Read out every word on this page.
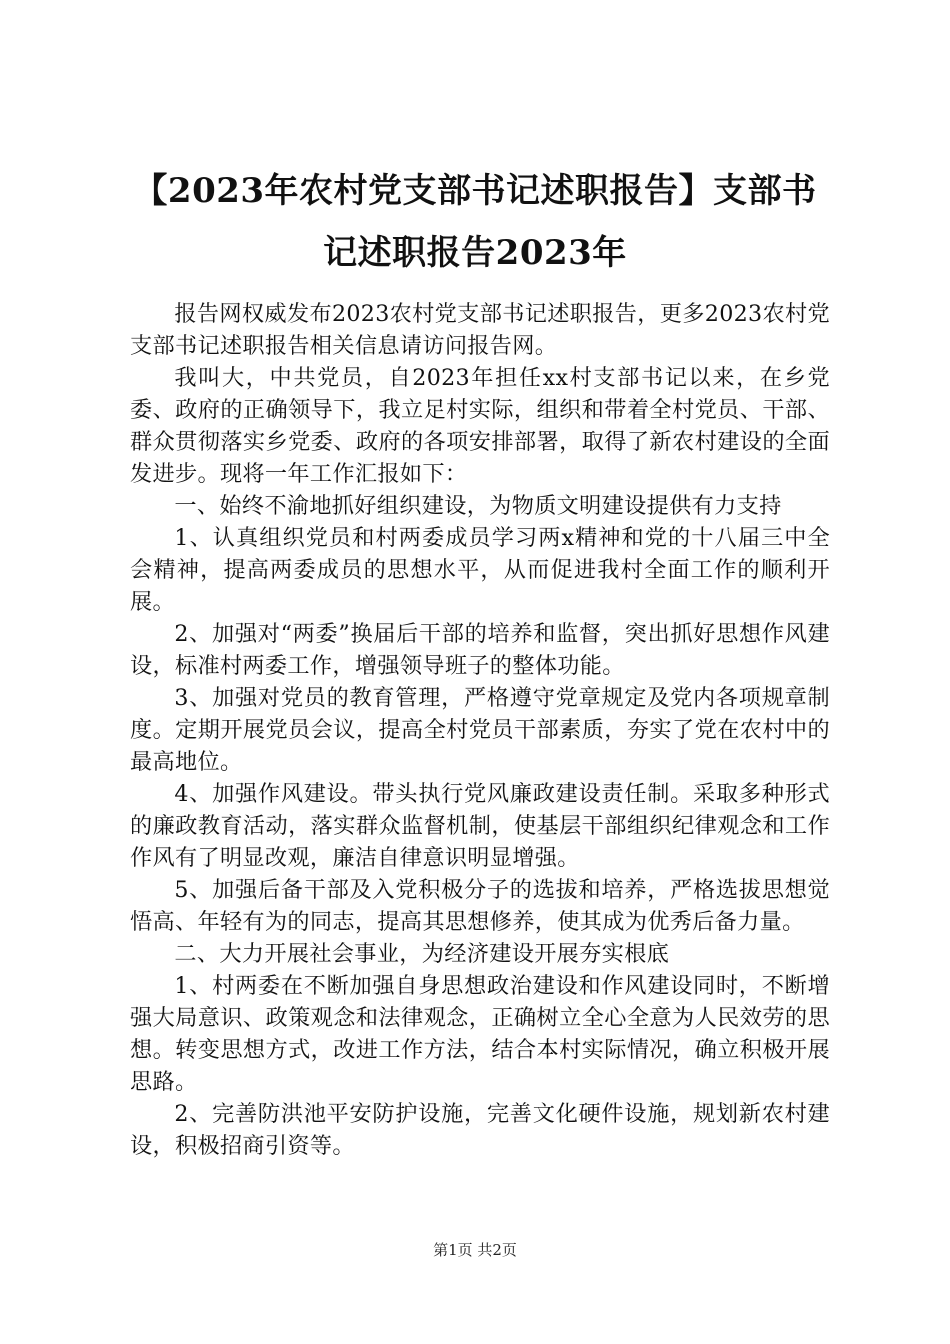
【2023年农村党支部书记述职报告】支部书
记述职报告2023年

报告网权威发布2023农村党支部书记述职报告，更多2023农村党支部书记述职报告相关信息请访问报告网。

我叫大，中共党员，自2023年担任xx村支部书记以来，在乡党委、政府的正确领导下，我立足村实际，组织和带着全村党员、干部、群众贯彻落实乡党委、政府的各项安排部署，取得了新农村建设的全面发进步。现将一年工作汇报如下：

一、始终不渝地抓好组织建设，为物质文明建设提供有力支持

1、认真组织党员和村两委成员学习两x精神和党的十八届三中全会精神，提高两委成员的思想水平，从而促进我村全面工作的顺利开展。

2、加强对“两委”换届后干部的培养和监督，突出抓好思想作风建设，标准村两委工作，增强领导班子的整体功能。

3、加强对党员的教育管理，严格遵守党章规定及党内各项规章制度。定期开展党员会议，提高全村党员干部素质，夯实了党在农村中的最高地位。

4、加强作风建设。带头执行党风廉政建设责任制。采取多种形式的廉政教育活动，落实群众监督机制，使基层干部组织纪律观念和工作作风有了明显改观，廉洁自律意识明显增强。

5、加强后备干部及入党积极分子的选拔和培养，严格选拔思想觉悟高、年轻有为的同志，提高其思想修养，使其成为优秀后备力量。

二、大力开展社会事业，为经济建设开展夯实根底

1、村两委在不断加强自身思想政治建设和作风建设同时，不断增强大局意识、政策观念和法律观念，正确树立全心全意为人民效劳的思想。转变思想方式，改进工作方法，结合本村实际情况，确立积极开展思路。

2、完善防洪池平安防护设施，完善文化硬件设施，规划新农村建设，积极招商引资等。

第1页 共2页
